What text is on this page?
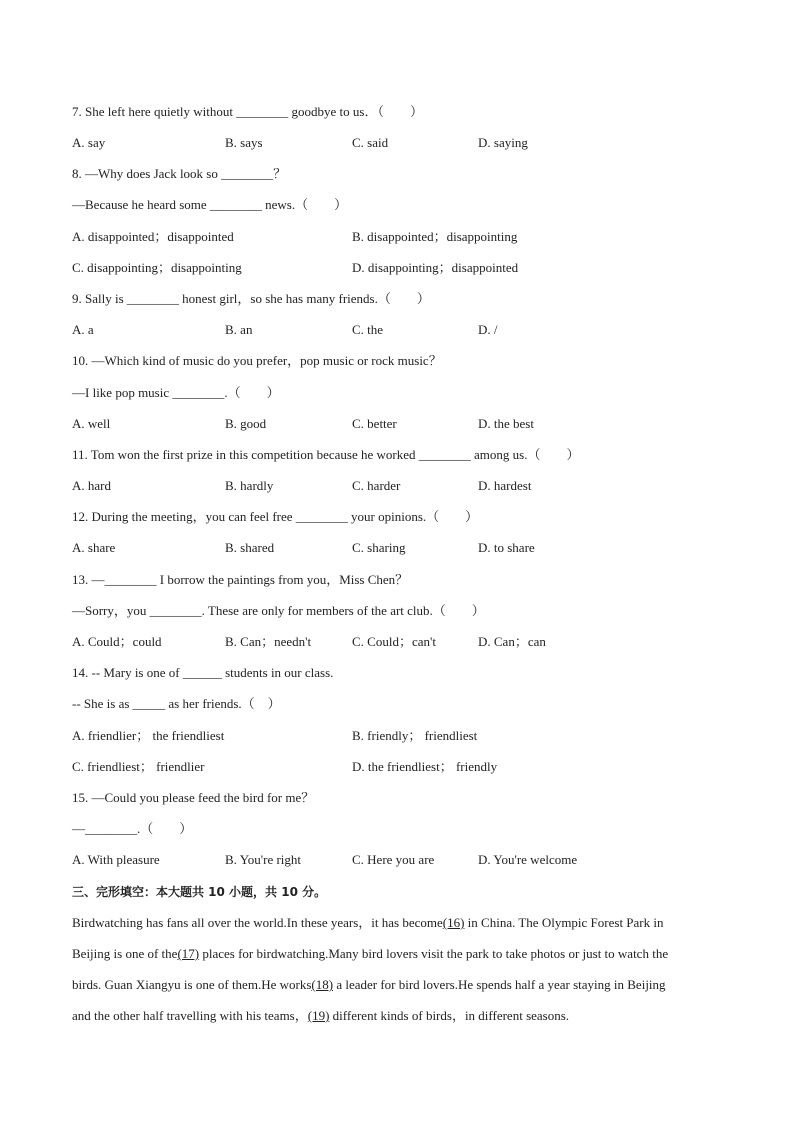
7. She left here quietly without ________ goodbye to us．（　　）
A. say	B. says	C. said	D. saying
8. —Why does Jack look so ________？
—Because he heard some ________ news.（　　）
A. disappointed；disappointed	B. disappointed；disappointing
C. disappointing；disappointing	D. disappointing；disappointed
9. Sally is ________ honest girl，so she has many friends.（　　）
A. a	B. an	C. the	D. /
10. —Which kind of music do you prefer，pop music or rock music？
—I like pop music ________.（　　）
A. well	B. good	C. better	D. the best
11. Tom won the first prize in this competition because he worked ________ among us.（　　）
A. hard	B. hardly	C. harder	D. hardest
12. During the meeting，you can feel free ________ your opinions.（　　）
A. share	B. shared	C. sharing	D. to share
13. —________ I borrow the paintings from you，Miss Chen？
—Sorry，you ________. These are only for members of the art club.（　　）
A. Could；could	B. Can；needn't	C. Could；can't	D. Can；can
14. -- Mary is one of ______ students in our class.
-- She is as _____ as her friends.（　）
A. friendlier； the friendliest	B. friendly； friendliest
C. friendliest； friendlier	D. the friendliest； friendly
15. —Could you please feed the bird for me？
—________.（　　）
A. With pleasure	B. You're right	C. Here you are	D. You're welcome
三、完形填空：本大题共 10 小题，共 10 分。
Birdwatching has fans all over the world.In these years，it has become(16) in China. The Olympic Forest Park in
Beijing is one of the(17) places for birdwatching.Many bird lovers visit the park to take photos or just to watch the
birds. Guan Xiangyu is one of them.He works(18) a leader for bird lovers.He spends half a year staying in Beijing
and the other half travelling with his teams，(19) different kinds of birds，in different seasons.
